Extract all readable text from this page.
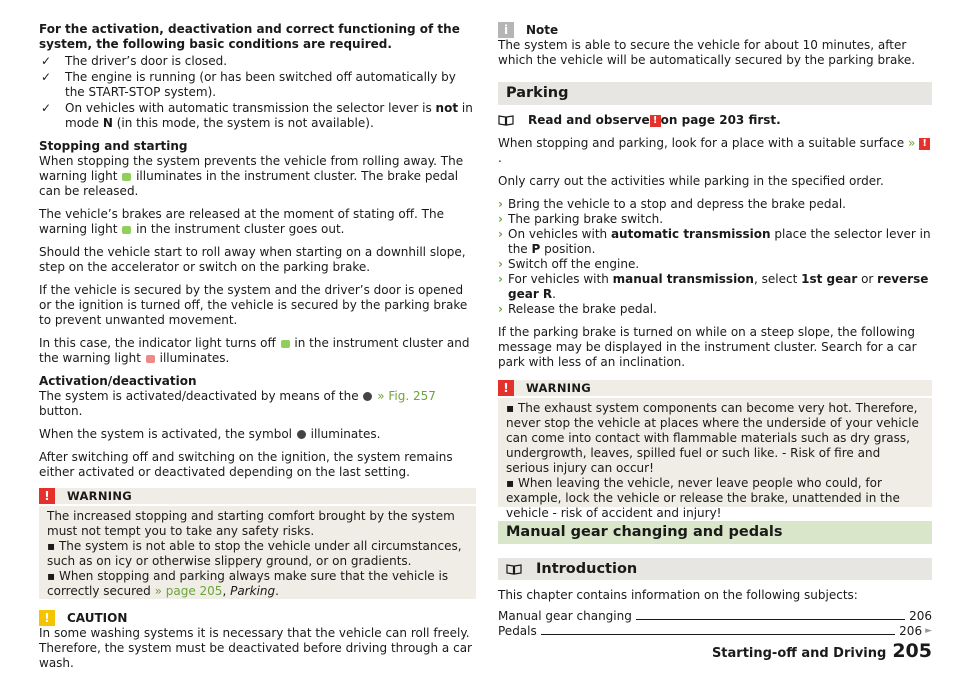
For the activation, deactivation and correct functioning of the system, the following basic conditions are required.

✓	The driver’s door is closed.
✓	The engine is running (or has been switched off automatically by the START-STOP system).
✓	On vehicles with automatic transmission the selector lever is not in mode N (in this mode, the system is not available).

Stopping and starting
When stopping the system prevents the vehicle from rolling away. The warning light  illuminates in the instrument cluster. The brake pedal can be released.

The vehicle’s brakes are released at the moment of stating off. The warning light  in the instrument cluster goes out.

Should the vehicle start to roll away when starting on a downhill slope, step on the accelerator or switch on the parking brake.

If the vehicle is secured by the system and the driver’s door is opened or the ignition is turned off, the vehicle is secured by the parking brake to prevent unwanted movement.

In this case, the indicator light turns off  in the instrument cluster and the warning light  illuminates.

Activation/deactivation
The system is activated/deactivated by means of the  » Fig. 257 button.

When the system is activated, the symbol  illuminates.

After switching off and switching on the ignition, the system remains either activated or deactivated depending on the last setting.

!	WARNING
The increased stopping and starting comfort brought by the system must not tempt you to take any safety risks.
▪ The system is not able to stop the vehicle under all circumstances, such as on icy or otherwise slippery ground, or on gradients.
▪ When stopping and parking always make sure that the vehicle is correctly secured » page 205, Parking.
!	CAUTION

In some washing systems it is necessary that the vehicle can roll freely. Therefore, the system must be deactivated before driving through a car wash.

i	Note

The system is able to secure the vehicle for about 10 minutes, after which the vehicle will be automatically secured by the parking brake.

Parking

Read and observe ! on page 203 first.

When stopping and parking, look for a place with a suitable surface » ! .

Only carry out the activities while parking in the specified order.

› Bring the vehicle to a stop and depress the brake pedal.
› The parking brake switch.
› On vehicles with automatic transmission place the selector lever in the P position.
› Switch off the engine.
› For vehicles with manual transmission, select 1st gear or reverse gear R.
› Release the brake pedal.

If the parking brake is turned on while on a steep slope, the following message may be displayed in the instrument cluster. Search for a car park with less of an inclination.

!	WARNING
▪ The exhaust system components can become very hot. Therefore, never stop the vehicle at places where the underside of your vehicle can come into contact with flammable materials such as dry grass, undergrowth, leaves, spilled fuel or such like. - Risk of fire and serious injury can occur!
▪ When leaving the vehicle, never leave people who could, for example, lock the vehicle or release the brake, unattended in the vehicle - risk of accident and injury!
Manual gear changing and pedals
Introduction

This chapter contains information on the following subjects:

Manual gear changing	206
Pedals	206 ►
Starting-off and Driving 205
